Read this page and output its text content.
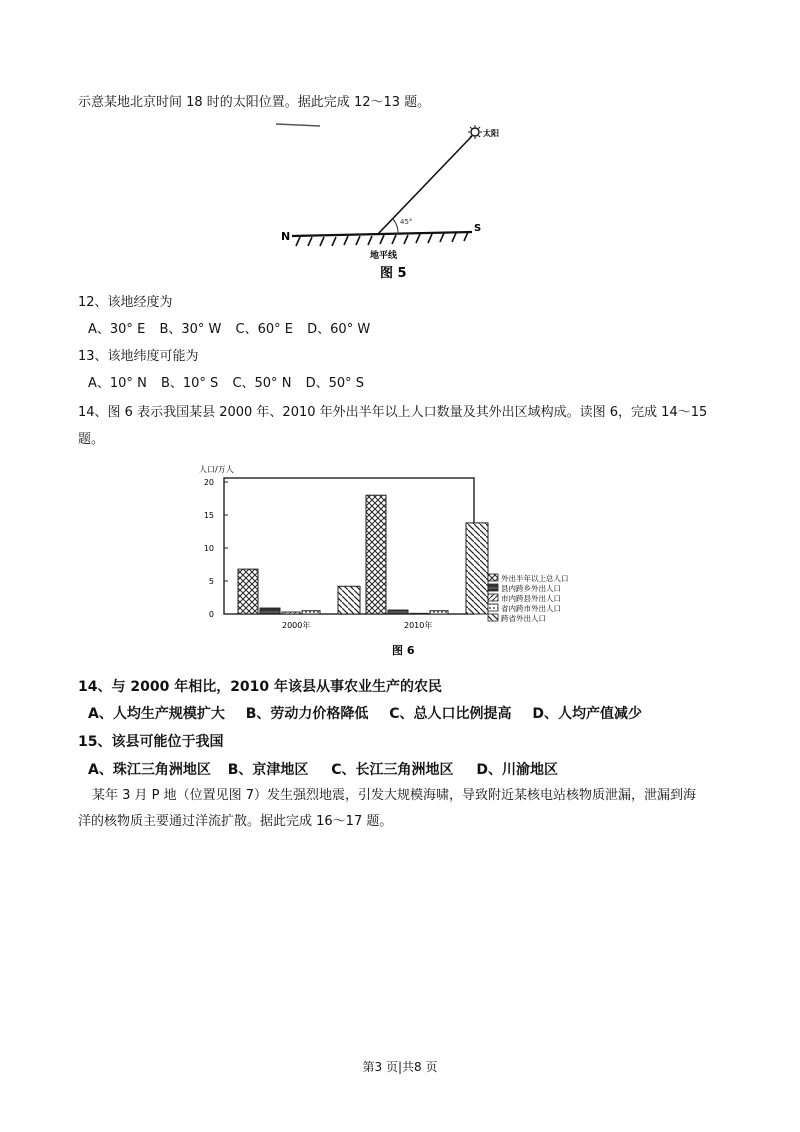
示意某地北京时间 18 时的太阳位置。据此完成 12～13 题。
45°
太阳
N
S
地平线
图 5
12、该地经度为
A、30° E B、30° W C、60° E D、60° W
13、该地纬度可能为
A、10° N B、10° S C、50° N D、50° S
14、图 6 表示我国某县 2000 年、2010 年外出半年以上人口数量及其外出区域构成。读图 6，完成 14～15
题。
0
5
10
15
20
人口/万人
2000年	2010年
外出半年以上总人口
县内跨乡外出人口
市内跨县外出人口
省内跨市外出人口
跨省外出人口
图 6
14、与 2000 年相比，2010 年该县从事农业生产的农民
A、人均生产规模扩大 B、劳动力价格降低 C、总人口比例提高 D、人均产值减少
15、该县可能位于我国
A、珠江三角洲地区 B、京津地区 C、长江三角洲地区 D、川渝地区
某年 3 月 P 地（位置见图 7）发生强烈地震，引发大规模海啸，导致附近某核电站核物质泄漏，泄漏到海
洋的核物质主要通过洋流扩散。据此完成 16～17 题。
第3 页|共8 页
